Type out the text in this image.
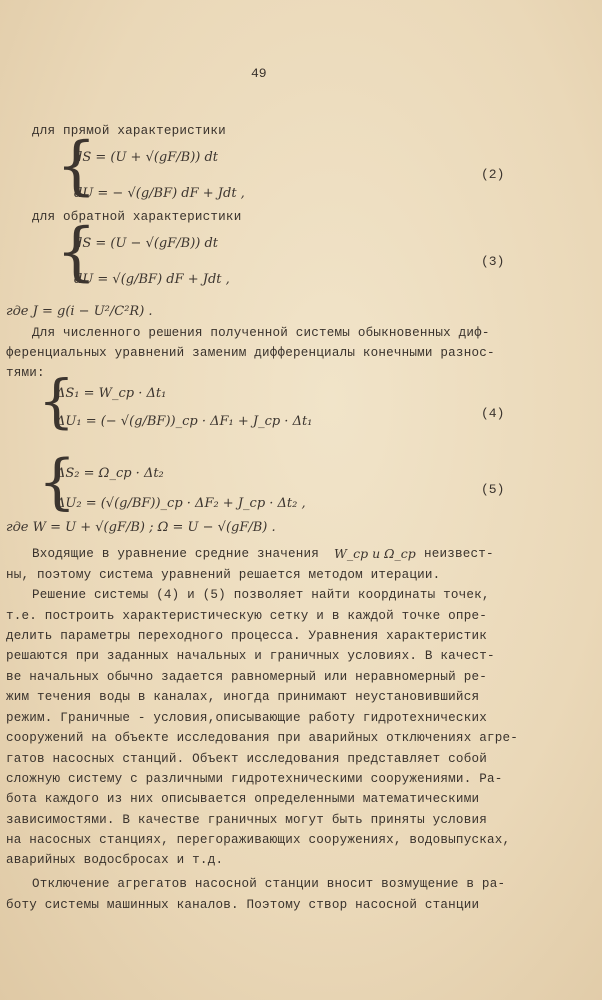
49
для прямой характеристики
для обратной характеристики
Для численного решения полученной системы обыкновенных диф-
ференциальных уравнений заменим дифференциалы конечными разнос-
тями:
Входящие в уравнение средние значения	неизвест-
ны, поэтому система уравнений решается методом итерации.
Решение системы (4) и (5) позволяет найти координаты точек,
т.е. построить характеристическую сетку и в каждой точке опре-
делить параметры переходного процесса. Уравнения характеристик
решаются при заданных начальных и граничных условиях. В качест-
ве начальных обычно задается равномерный или неравномерный ре-
жим течения воды в каналах, иногда принимают неустановившийся
режим. Граничные - условия,описывающие работу гидротехнических
сооружений на объекте исследования при аварийных отключениях агре-
гатов насосных станций. Объект исследования представляет собой
сложную систему с различными гидротехническими сооружениями. Ра-
бота каждого из них описывается определенными математическими
зависимостями. В качестве граничных могут быть приняты условия
на насосных станциях, перегораживающих сооружениях, водовыпусках,
аварийных водосбросах и т.д.
Отключение агрегатов насосной станции вносит возмущение в ра-
боту системы машинных каналов. Поэтому створ насосной станции
{
{
{
{
dS = (U + √(gF/B)) dt
dU = − √(g/BF) dF + Jdt ,
dS = (U − √(gF/B)) dt
dU = √(g/BF) dF + Jdt ,
где J = g(i − U²/C²R) .
ΔS₁ = W_ср · Δt₁
ΔU₁ = (− √(g/BF))_ср · ΔF₁ + J_ср · Δt₁
ΔS₂ = Ω_ср · Δt₂
ΔU₂ = (√(g/BF))_ср · ΔF₂ + J_ср · Δt₂ ,
где W = U + √(gF/B) ; Ω = U − √(gF/B) .
W_ср и Ω_ср
(2)
(3)
(4)
(5)
